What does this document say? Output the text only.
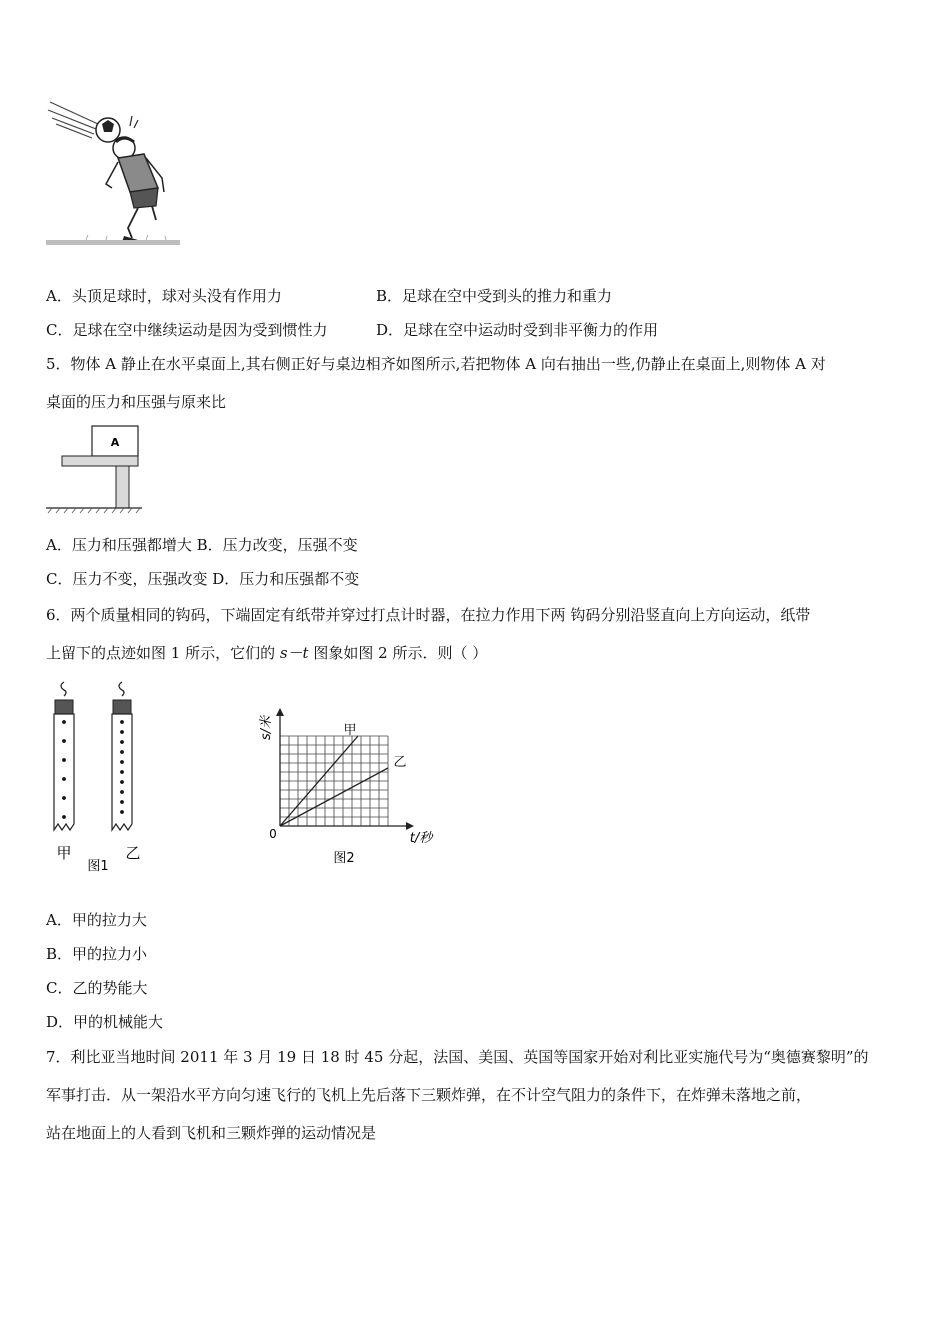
A．头顶足球时，球对头没有作用力	B．足球在空中受到头的推力和重力
C．足球在空中继续运动是因为受到惯性力	D．足球在空中运动时受到非平衡力的作用
5．物体 A 静止在水平桌面上,其右侧正好与桌边相齐如图所示,若把物体 A 向右抽出一些,仍静止在桌面上,则物体 A 对
桌面的压力和压强与原来比
A
A．压力和压强都增大 B．压力改变，压强不变
C．压力不变，压强改变 D．压力和压强都不变
6．两个质量相同的钩码，下端固定有纸带并穿过打点计时器，在拉力作用下两 钩码分别沿竖直向上方向运动，纸带
上留下的点迹如图 1 所示，它们的 s－t 图象如图 2 所示．则（ ）
甲	乙
图1
s/米
t/秒
0
甲
乙
图2
A．甲的拉力大
B．甲的拉力小
C．乙的势能大
D．甲的机械能大
7．利比亚当地时间 2011 年 3 月 19 日 18 时 45 分起，法国、美国、英国等国家开始对利比亚实施代号为“奥德赛黎明”的
军事打击．从一架沿水平方向匀速飞行的飞机上先后落下三颗炸弹，在不计空气阻力的条件下，在炸弹未落地之前，
站在地面上的人看到飞机和三颗炸弹的运动情况是
